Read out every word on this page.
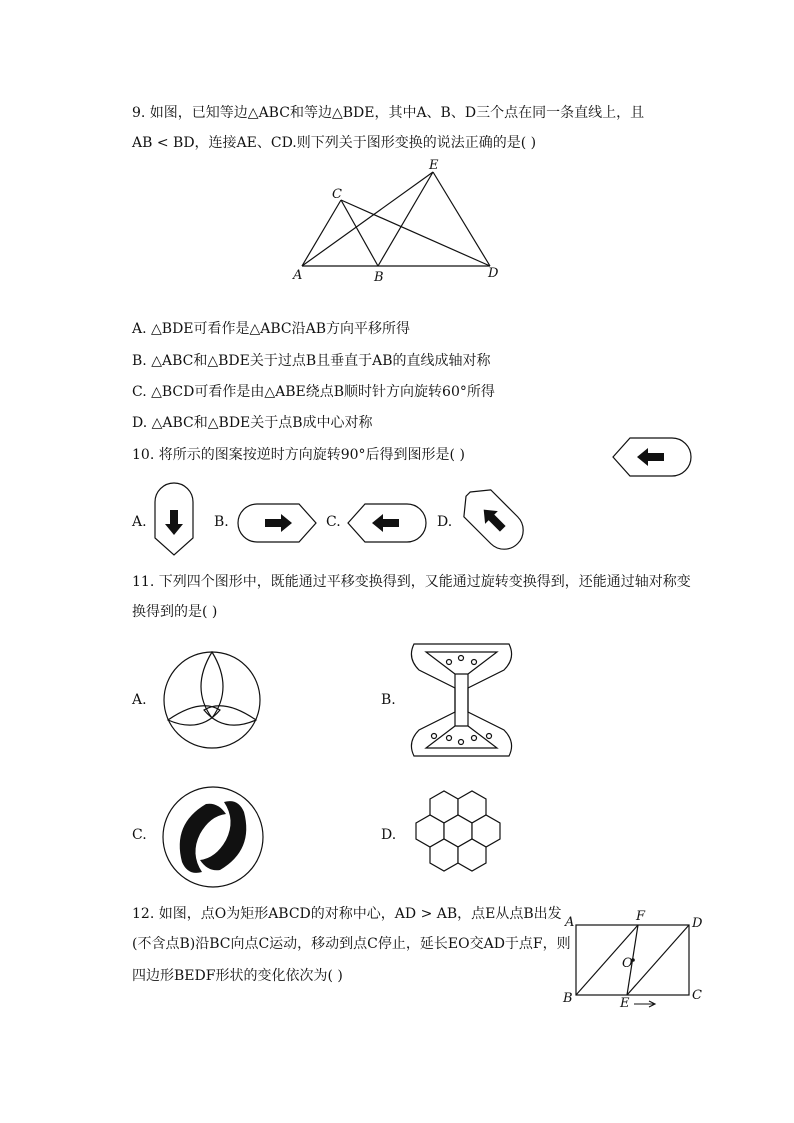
9. 如图，已知等边△ABC和等边△BDE，其中A、B、D三个点在同一条直线上，且
AB < BD，连接AE、CD.则下列关于图形变换的说法正确的是( )
A	B
C
D
E
A. △BDE可看作是△ABC沿AB方向平移所得
B. △ABC和△BDE关于过点B且垂直于AB的直线成轴对称
C. △BCD可看作是由△ABE绕点B顺时针方向旋转60°所得
D. △ABC和△BDE关于点B成中心对称
10. 将所示的图案按逆时方向旋转90°后得到图形是( )
A.	B.	C.	D.
11. 下列四个图形中，既能通过平移变换得到，又能通过旋转变换得到，还能通过轴对称变
换得到的是( )
A.	B.
C.	D.
12. 如图，点O为矩形ABCD的对称中心，AD > AB，点E从点B出发
(不含点B)沿BC向点C运动，移动到点C停止，延长EO交AD于点F，则
四边形BEDF形状的变化依次为( )
A
B	C
D
E
F
O
